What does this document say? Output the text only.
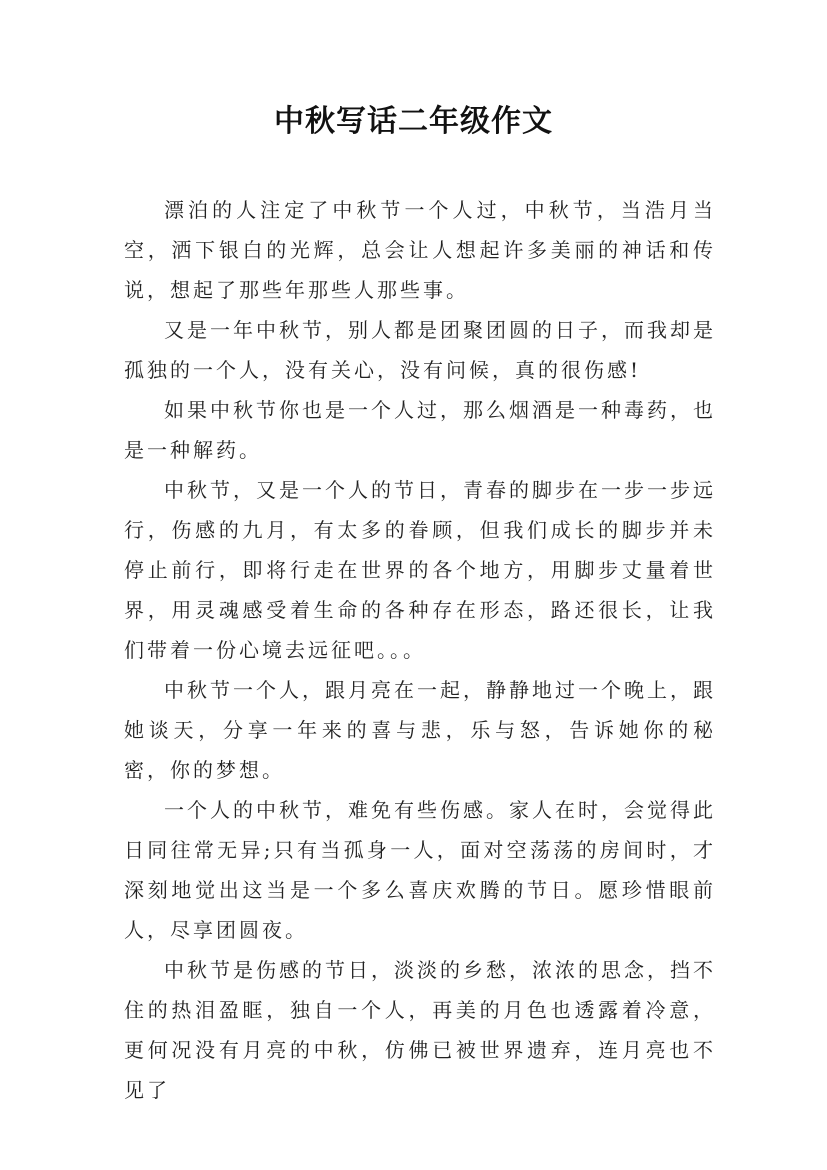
中秋写话二年级作文

漂泊的人注定了中秋节一个人过，中秋节，当浩月当空，洒下银白的光辉，总会让人想起许多美丽的神话和传说，想起了那些年那些人那些事。

又是一年中秋节，别人都是团聚团圆的日子，而我却是孤独的一个人，没有关心，没有问候，真的很伤感!

如果中秋节你也是一个人过，那么烟酒是一种毒药，也是一种解药。

中秋节，又是一个人的节日，青春的脚步在一步一步远行，伤感的九月，有太多的眷顾，但我们成长的脚步并未停止前行，即将行走在世界的各个地方，用脚步丈量着世界，用灵魂感受着生命的各种存在形态，路还很长，让我们带着一份心境去远征吧。。。

中秋节一个人，跟月亮在一起，静静地过一个晚上，跟她谈天，分享一年来的喜与悲，乐与怒，告诉她你的秘密，你的梦想。

一个人的中秋节，难免有些伤感。家人在时，会觉得此日同往常无异;只有当孤身一人，面对空荡荡的房间时，才深刻地觉出这当是一个多么喜庆欢腾的节日。愿珍惜眼前人，尽享团圆夜。

中秋节是伤感的节日，淡淡的乡愁，浓浓的思念，挡不住的热泪盈眶，独自一个人，再美的月色也透露着冷意，更何况没有月亮的中秋，仿佛已被世界遗弃，连月亮也不见了
